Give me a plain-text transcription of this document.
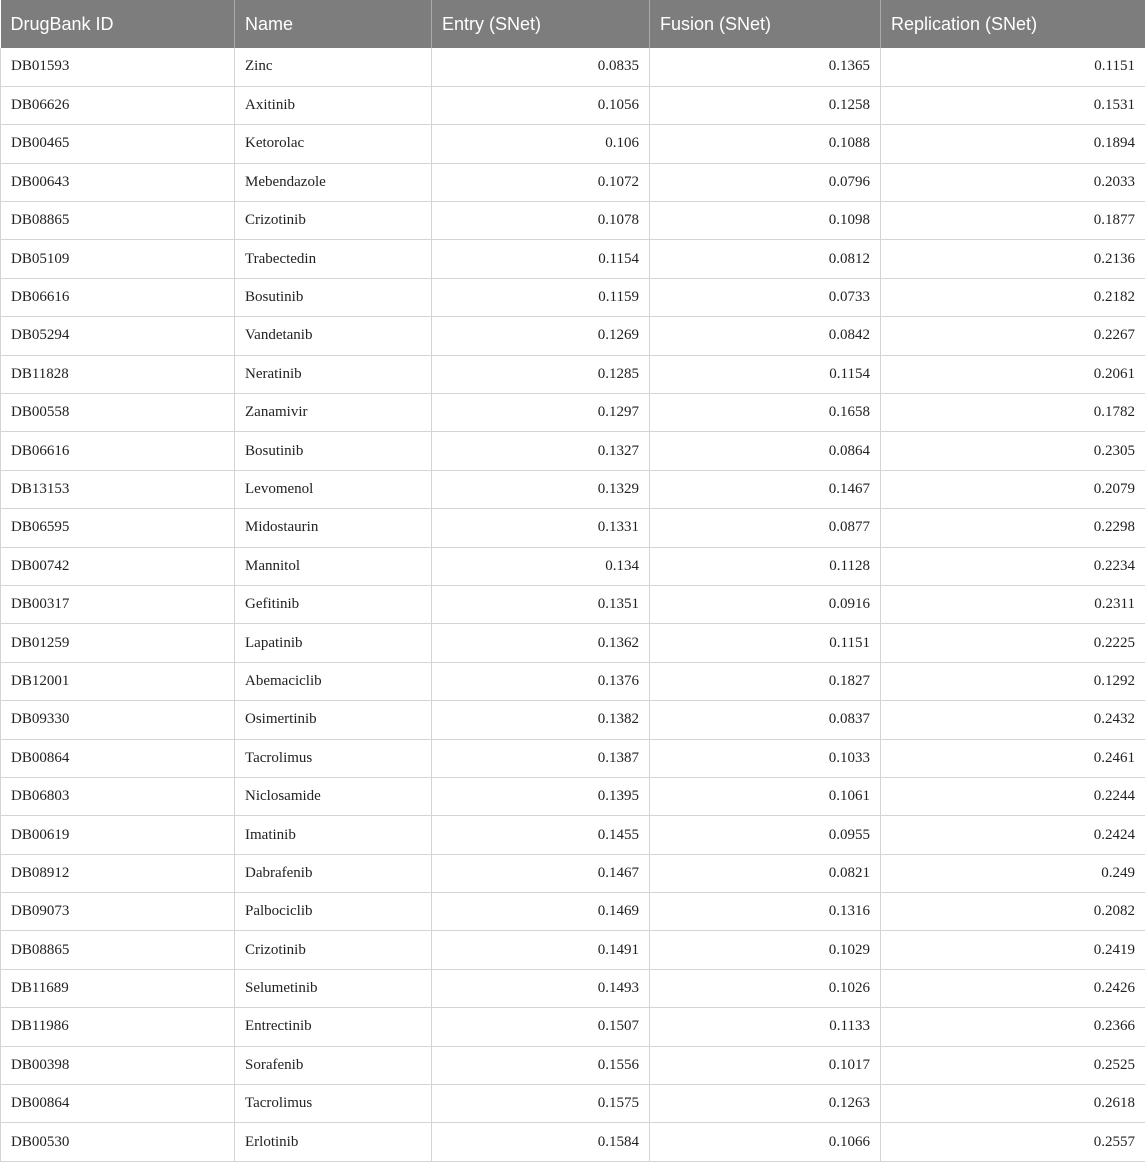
DrugBank ID	Name	Entry (SNet)	Fusion (SNet)	Replication (SNet)
DB01593	Zinc	0.0835	0.1365	0.1151
DB06626	Axitinib	0.1056	0.1258	0.1531
DB00465	Ketorolac	0.106	0.1088	0.1894
DB00643	Mebendazole	0.1072	0.0796	0.2033
DB08865	Crizotinib	0.1078	0.1098	0.1877
DB05109	Trabectedin	0.1154	0.0812	0.2136
DB06616	Bosutinib	0.1159	0.0733	0.2182
DB05294	Vandetanib	0.1269	0.0842	0.2267
DB11828	Neratinib	0.1285	0.1154	0.2061
DB00558	Zanamivir	0.1297	0.1658	0.1782
DB06616	Bosutinib	0.1327	0.0864	0.2305
DB13153	Levomenol	0.1329	0.1467	0.2079
DB06595	Midostaurin	0.1331	0.0877	0.2298
DB00742	Mannitol	0.134	0.1128	0.2234
DB00317	Gefitinib	0.1351	0.0916	0.2311
DB01259	Lapatinib	0.1362	0.1151	0.2225
DB12001	Abemaciclib	0.1376	0.1827	0.1292
DB09330	Osimertinib	0.1382	0.0837	0.2432
DB00864	Tacrolimus	0.1387	0.1033	0.2461
DB06803	Niclosamide	0.1395	0.1061	0.2244
DB00619	Imatinib	0.1455	0.0955	0.2424
DB08912	Dabrafenib	0.1467	0.0821	0.249
DB09073	Palbociclib	0.1469	0.1316	0.2082
DB08865	Crizotinib	0.1491	0.1029	0.2419
DB11689	Selumetinib	0.1493	0.1026	0.2426
DB11986	Entrectinib	0.1507	0.1133	0.2366
DB00398	Sorafenib	0.1556	0.1017	0.2525
DB00864	Tacrolimus	0.1575	0.1263	0.2618
DB00530	Erlotinib	0.1584	0.1066	0.2557
